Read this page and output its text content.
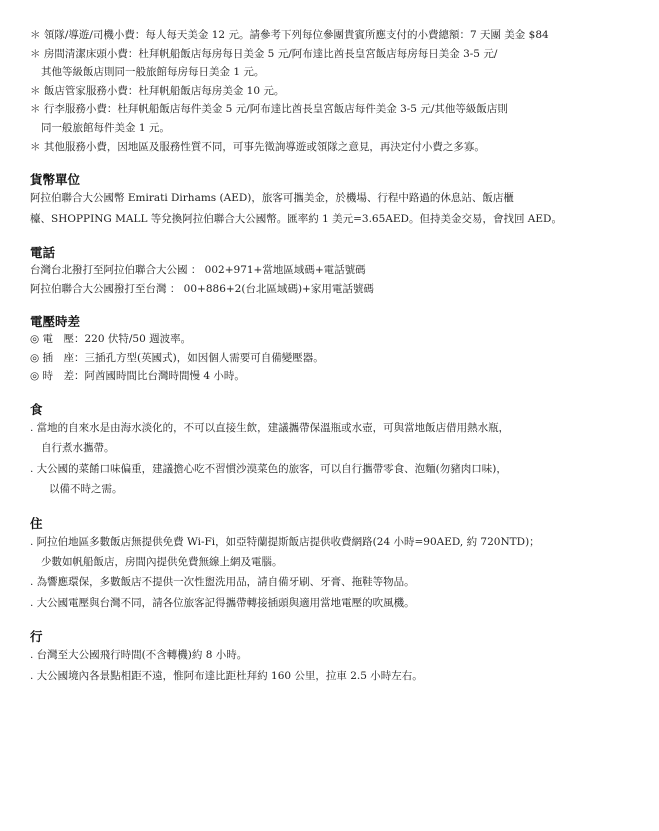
＊ 領隊/導遊/司機小費：每人每天美金 12 元。請參考下列每位參團貴賓所應支付的小費總額：7 天團 美金 $84
＊ 房間清潔床頭小費：杜拜帆船飯店每房每日美金 5 元/阿布達比酋長皇宮飯店每房每日美金 3-5 元/
其他等級飯店則同一般旅館每房每日美金 1 元。
＊ 飯店管家服務小費：杜拜帆船飯店每房美金 10 元。
＊ 行李服務小費：杜拜帆船飯店每件美金 5 元/阿布達比酋長皇宮飯店每件美金 3-5 元/其他等級飯店則
同一般旅館每件美金 1 元。
＊ 其他服務小費，因地區及服務性質不同，可事先徵詢導遊或領隊之意見，再決定付小費之多寡。
貨幣單位
阿拉伯聯合大公國幣 Emirati Dirhams (AED)，旅客可攜美金，於機場、行程中路過的休息站、飯店櫃
檯、SHOPPING MALL 等兌換阿拉伯聯合大公國幣。匯率約 1 美元=3.65AED。但持美金交易，會找回 AED。
電話
台灣台北撥打至阿拉伯聯合大公國 ： 002+971+當地區域碼+電話號碼
阿拉伯聯合大公國撥打至台灣 ： 00+886+2(台北區域碼)+家用電話號碼
電壓時差
◎ 電　壓：220 伏特/50 週波率。
◎ 插　座：三插孔方型(英國式)，如因個人需要可自備變壓器。
◎ 時　差：阿酋國時間比台灣時間慢 4 小時。
食
. 當地的自來水是由海水淡化的，不可以直接生飲，建議攜帶保溫瓶或水壺，可與當地飯店借用熱水瓶，
自行煮水攜帶。
. 大公國的菜餚口味偏重，建議擔心吃不習慣沙漠菜色的旅客，可以自行攜帶零食、泡麵(勿豬肉口味)，
以備不時之需。
住
. 阿拉伯地區多數飯店無提供免費 Wi-Fi，如亞特蘭提斯飯店提供收費網路(24 小時=90AED, 約 720NTD)；
少數如帆船飯店，房間內提供免費無線上網及電腦。
. 為響應環保，多數飯店不提供一次性盥洗用品，請自備牙刷、牙膏、拖鞋等物品。
. 大公國電壓與台灣不同，請各位旅客記得攜帶轉接插頭與適用當地電壓的吹風機。
行
. 台灣至大公國飛行時間(不含轉機)約 8 小時。
. 大公國境內各景點相距不遠，惟阿布達比距杜拜約 160 公里，拉車 2.5 小時左右。
